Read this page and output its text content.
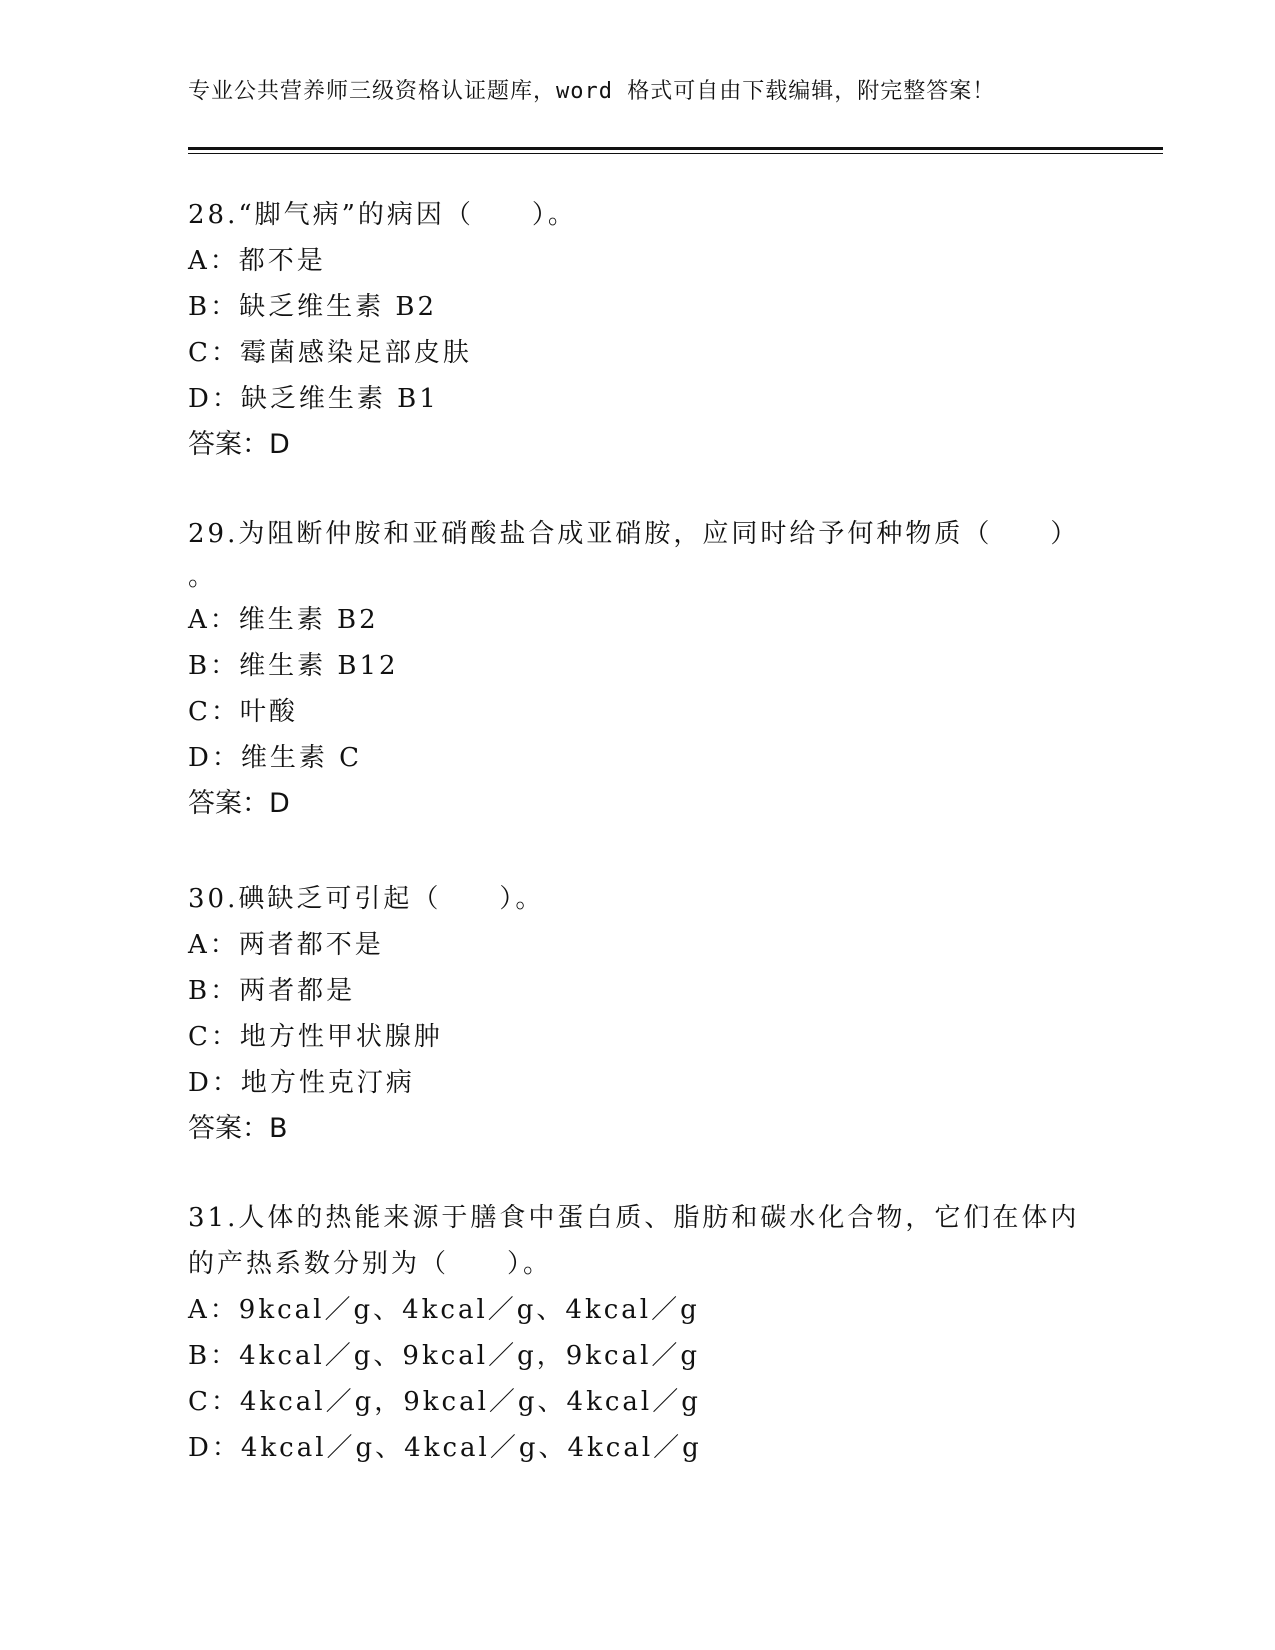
专业公共营养师三级资格认证题库，word 格式可自由下载编辑，附完整答案！
28.“脚气病”的病因（　　）。
A：都不是
B：缺乏维生素 B2
C：霉菌感染足部皮肤
D：缺乏维生素 B1
答案：D
29.为阻断仲胺和亚硝酸盐合成亚硝胺，应同时给予何种物质（　　）
。
A：维生素 B2
B：维生素 B12
C：叶酸
D：维生素 C
答案：D
30.碘缺乏可引起（　　）。
A：两者都不是
B：两者都是
C：地方性甲状腺肿
D：地方性克汀病
答案：B
31.人体的热能来源于膳食中蛋白质、脂肪和碳水化合物，它们在体内
的产热系数分别为（　　）。
A：9kcal／g、4kcal／g、4kcal／g
B：4kcal／g、9kcal／g，9kcal／g
C：4kcal／g，9kcal／g、4kcal／g
D：4kcal／g、4kcal／g、4kcal／g
